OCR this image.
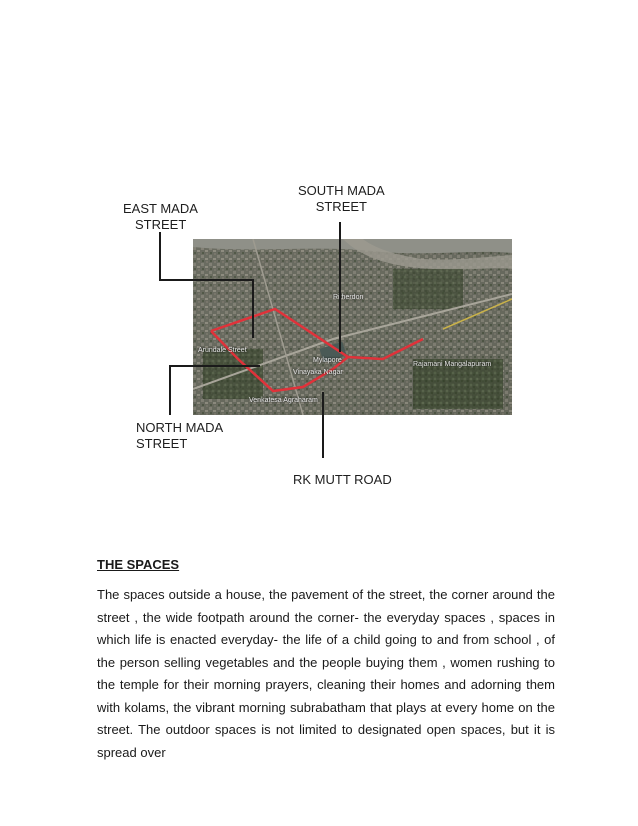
Mylapore
Vinayaka Nagar
Venkatesa Agraharam
Arundale Street
Rajamani Mangalapuram
Ritherdon
EAST MADA
STREET
SOUTH MADA
STREET
NORTH MADA
STREET
RK MUTT ROAD
THE SPACES

The spaces outside a house, the pavement of the street, the corner around the street , the wide footpath around the corner- the everyday spaces , spaces in which life is enacted everyday- the life of a child going to and from school , of the person selling vegetables and the people buying them , women rushing to the temple for their morning prayers, cleaning their homes and adorning them with kolams, the vibrant morning subrabatham that plays at every home on the street. The outdoor spaces is not limited to designated open spaces, but it is spread over
